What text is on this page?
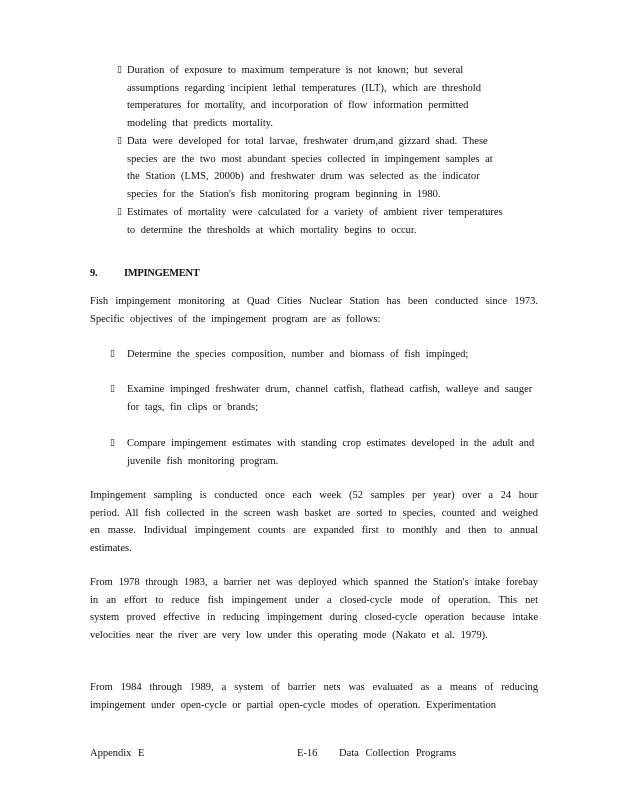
▯ Duration of exposure to maximum temperature is not known; but several

assumptions regarding incipient lethal temperatures (ILT), which are threshold

temperatures for mortality, and incorporation of flow information permitted

modeling that predicts mortality.

▯ Data were developed for total larvae, freshwater drum,and gizzard shad. These

species are the two most abundant species collected in impingement samples at

the Station (LMS, 2000b) and freshwater drum was selected as the indicator

species for the Station's fish monitoring program beginning in 1980.

▯ Estimates of mortality were calculated for a variety of ambient river temperatures

to determine the thresholds at which mortality begins to occur.

9.	IMPINGEMENT

Fish impingement monitoring at Quad Cities Nuclear Station has been conducted since 1973. Specific objectives of the impingement program are as follows:

▯ Determine the species composition, number and biomass of fish impinged;
▯ Examine impinged freshwater drum, channel catfish, flathead catfish, walleye and sauger for tags, fin clips or brands;
▯ Compare impingement estimates with standing crop estimates developed in the adult and juvenile fish monitoring program.

Impingement sampling is conducted once each week (52 samples per year) over a 24 hour period. All fish collected in the screen wash basket are sorted to species, counted and weighed en masse. Individual impingement counts are expanded first to monthly and then to annual estimates.

From 1978 through 1983, a barrier net was deployed which spanned the Station's intake forebay in an effort to reduce fish impingement under a closed-cycle mode of operation. This net system proved effective in reducing impingement during closed-cycle operation because intake velocities near the river are very low under this operating mode (Nakato et al. 1979).

From 1984 through 1989, a system of barrier nets was evaluated as a means of reducing impingement under open-cycle or partial open-cycle modes of operation. Experimentation

Appendix E	E-16 Data Collection Programs
